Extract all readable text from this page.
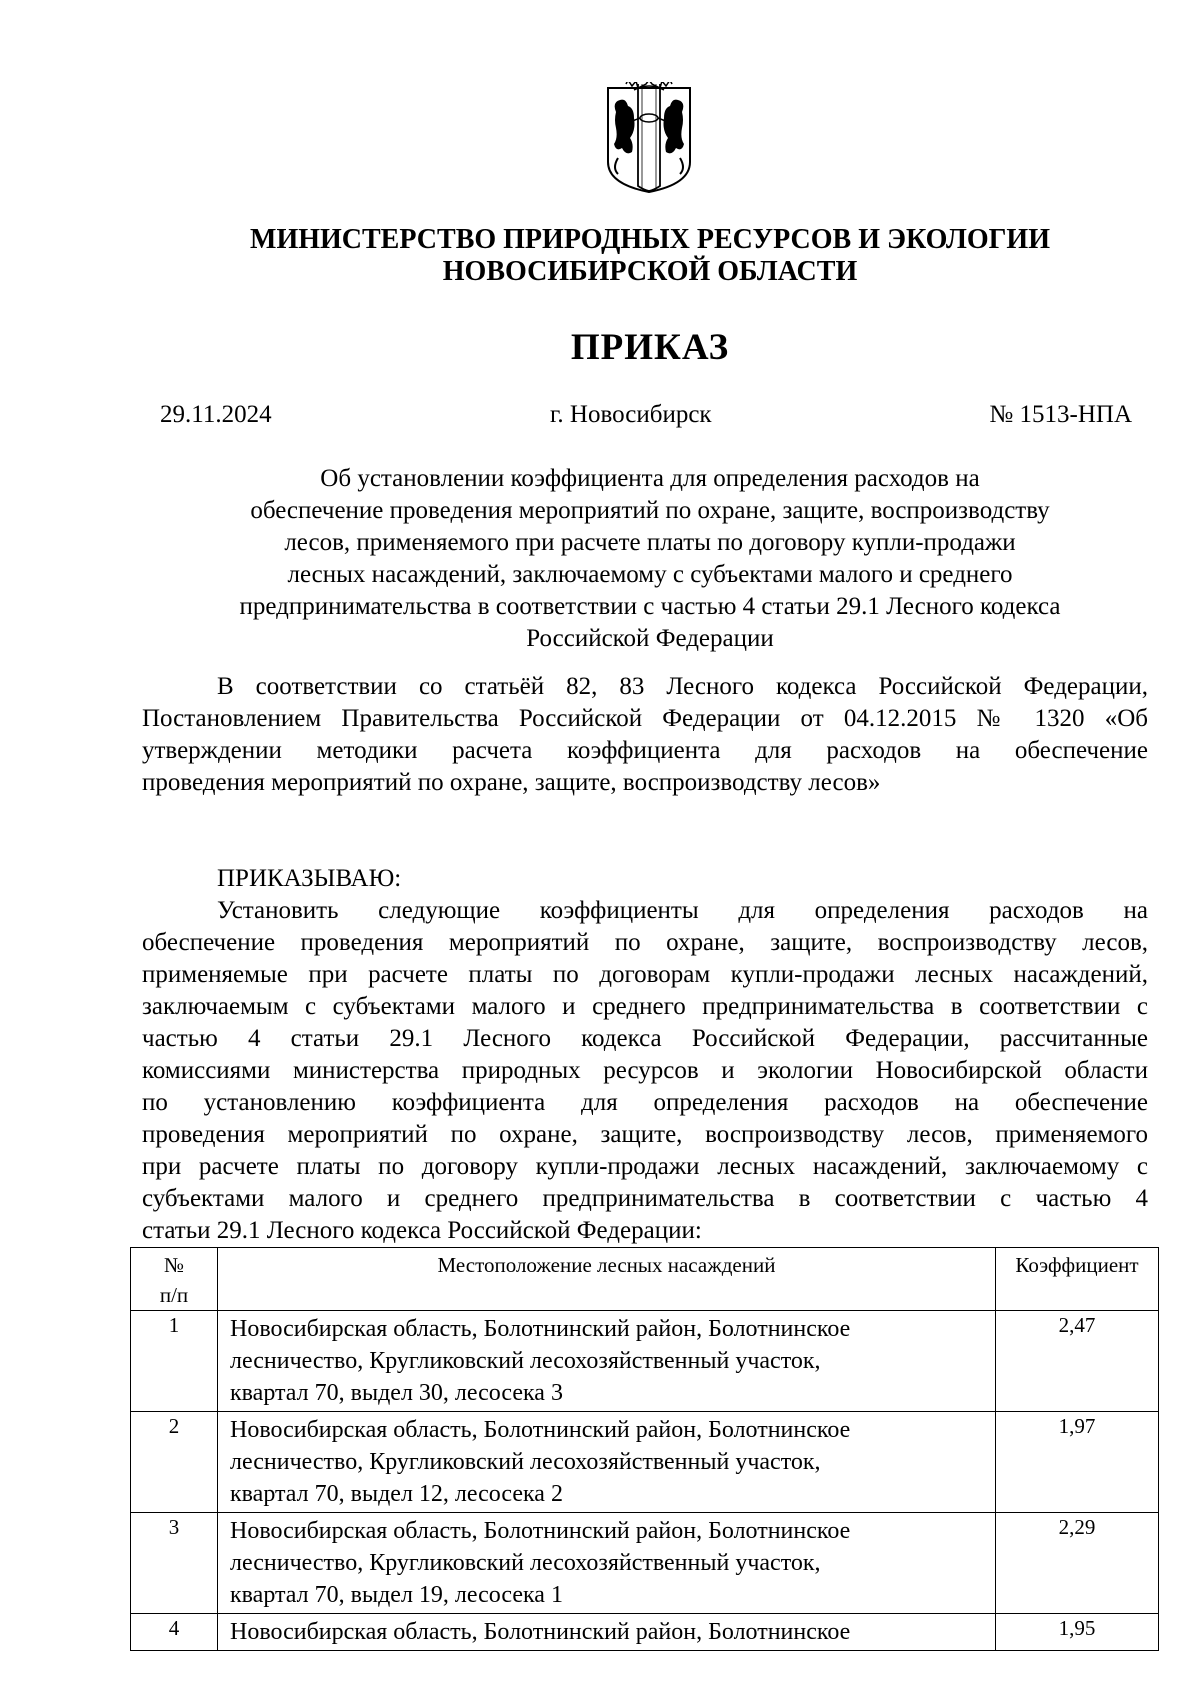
МИНИСТЕРСТВО ПРИРОДНЫХ РЕСУРСОВ И ЭКОЛОГИИ
НОВОСИБИРСКОЙ ОБЛАСТИ
ПРИКАЗ
29.11.2024	г. Новосибирск	№ 1513-НПА
Об установлении коэффициента для определения расходов на
обеспечение проведения мероприятий по охране, защите, воспроизводству
лесов, применяемого при расчете платы по договору купли-продажи
лесных насаждений, заключаемому с субъектами малого и среднего
предпринимательства в соответствии с частью 4 статьи 29.1 Лесного кодекса
Российской Федерации
В соответствии со статьёй 82, 83 Лесного кодекса Российской Федерации,
Постановлением Правительства Российской Федерации от 04.12.2015 № 1320 «Об
утверждении методики расчета коэффициента для расходов на обеспечение
проведения мероприятий по охране, защите, воспроизводству лесов»
ПРИКАЗЫВАЮ:
Установить следующие коэффициенты для определения расходов на
обеспечение проведения мероприятий по охране, защите, воспроизводству лесов,
применяемые при расчете платы по договорам купли-продажи лесных насаждений,
заключаемым с субъектами малого и среднего предпринимательства в соответствии с
частью 4 статьи 29.1 Лесного кодекса Российской Федерации, рассчитанные
комиссиями министерства природных ресурсов и экологии Новосибирской области
по установлению коэффициента для определения расходов на обеспечение
проведения мероприятий по охране, защите, воспроизводству лесов, применяемого
при расчете платы по договору купли-продажи лесных насаждений, заключаемому с
субъектами малого и среднего предпринимательства в соответствии с частью 4
статьи 29.1 Лесного кодекса Российской Федерации:
№
п/п	Местоположение лесных насаждений	Коэффициент
1	Новосибирская область, Болотнинский район, Болотнинское
лесничество, Кругликовский лесохозяйственный участок,
квартал 70, выдел 30, лесосека 3	2,47
2	Новосибирская область, Болотнинский район, Болотнинское
лесничество, Кругликовский лесохозяйственный участок,
квартал 70, выдел 12, лесосека 2	1,97
3	Новосибирская область, Болотнинский район, Болотнинское
лесничество, Кругликовский лесохозяйственный участок,
квартал 70, выдел 19, лесосека 1	2,29
4	Новосибирская область, Болотнинский район, Болотнинское	1,95
